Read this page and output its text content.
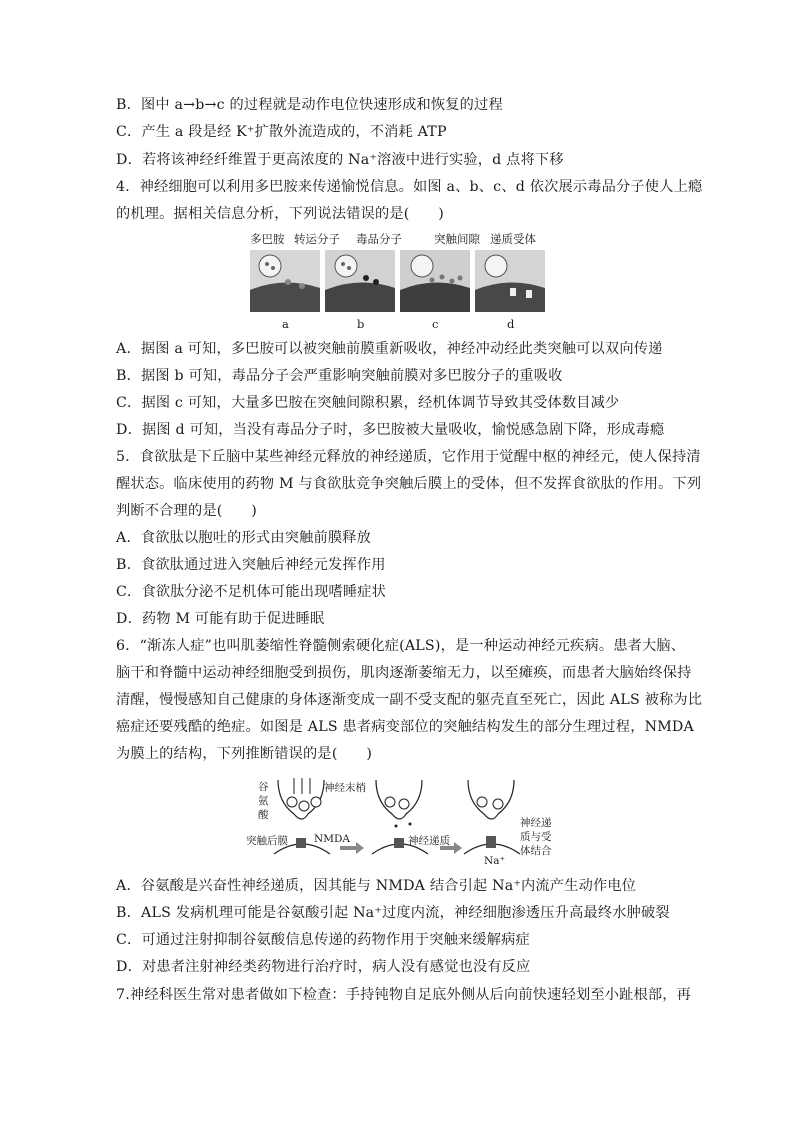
B．图中 a→b→c 的过程就是动作电位快速形成和恢复的过程
C．产生 a 段是经 K⁺扩散外流造成的，不消耗 ATP
D．若将该神经纤维置于更高浓度的 Na⁺溶液中进行实验，d 点将下移
4．神经细胞可以利用多巴胺来传递愉悦信息。如图 a、b、c、d 依次展示毒品分子使人上瘾
的机理。据相关信息分析，下列说法错误的是(　　)
多巴胺 转运分子 毒品分子	突触间隙 递质受体
a	b	c	d
A．据图 a 可知，多巴胺可以被突触前膜重新吸收，神经冲动经此类突触可以双向传递
B．据图 b 可知，毒品分子会严重影响突触前膜对多巴胺分子的重吸收
C．据图 c 可知，大量多巴胺在突触间隙积累，经机体调节导致其受体数目减少
D．据图 d 可知，当没有毒品分子时，多巴胺被大量吸收，愉悦感急剧下降，形成毒瘾
5．食欲肽是下丘脑中某些神经元释放的神经递质，它作用于觉醒中枢的神经元，使人保持清
醒状态。临床使用的药物 M 与食欲肽竞争突触后膜上的受体，但不发挥食欲肽的作用。下列
判断不合理的是(　　)
A．食欲肽以胞吐的形式由突触前膜释放
B．食欲肽通过进入突触后神经元发挥作用
C．食欲肽分泌不足机体可能出现嗜睡症状
D．药物 M 可能有助于促进睡眠
6．“渐冻人症”也叫肌萎缩性脊髓侧索硬化症(ALS)，是一种运动神经元疾病。患者大脑、
脑干和脊髓中运动神经细胞受到损伤，肌肉逐渐萎缩无力，以至瘫痪，而患者大脑始终保持
清醒，慢慢感知自己健康的身体逐渐变成一副不受支配的躯壳直至死亡，因此 ALS 被称为比
癌症还要残酷的绝症。如图是 ALS 患者病变部位的突触结构发生的部分生理过程，NMDA
为膜上的结构，下列推断错误的是(　　)
谷
氨
酸
神经末梢
突触后膜 NMDA	神经递质
Na⁺
神经递
质与受
体结合
A．谷氨酸是兴奋性神经递质，因其能与 NMDA 结合引起 Na⁺内流产生动作电位
B．ALS 发病机理可能是谷氨酸引起 Na⁺过度内流，神经细胞渗透压升高最终水肿破裂
C．可通过注射抑制谷氨酸信息传递的药物作用于突触来缓解病症
D．对患者注射神经类药物进行治疗时，病人没有感觉也没有反应
7.神经科医生常对患者做如下检查：手持钝物自足底外侧从后向前快速轻划至小趾根部，再
